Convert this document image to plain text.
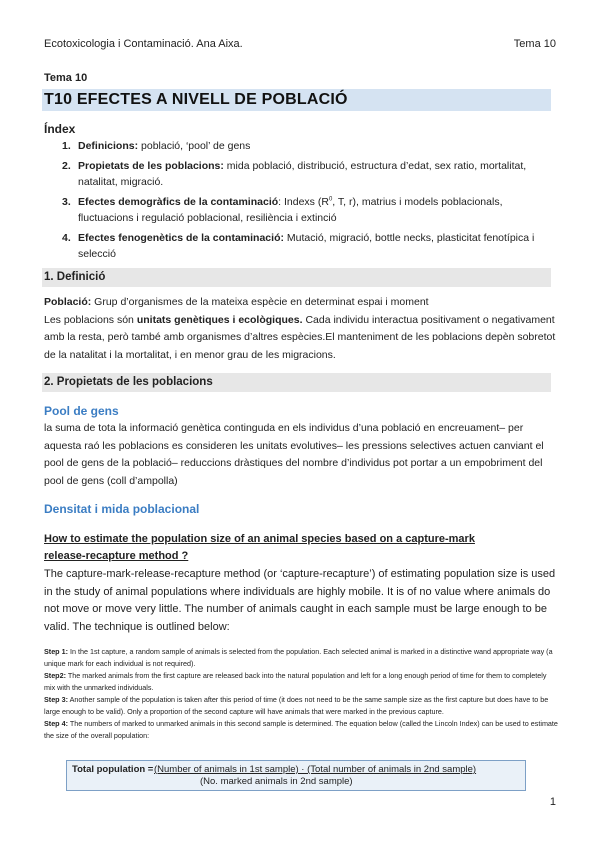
Ecotoxicologia i Contaminació. Ana Aixa.	Tema 10
Tema 10
T10 EFECTES A NIVELL DE POBLACIÓ
Índex
1. Definicions: població, ‘pool’ de gens
2. Propietats de les poblacions: mida població, distribució, estructura d’edat, sex ratio, mortalitat, natalitat, migració.
3. Efectes demogràfics de la contaminació: Indexs ($R^0$, T, r), matrius i models poblacionals, fluctuacions i regulació poblacional, resiliència i extinció
4. Efectes fenogenètics de la contaminació: Mutació, migració, bottle necks, plasticitat fenotípica i selecció
1. Definició

Població: Grup d’organismes de la mateixa espècie en determinat espai i moment
Les poblacions són unitats genètiques i ecològiques. Cada individu interactua positivament o negativament amb la resta, però també amb organismes d’altres espècies.El manteniment de les poblacions depèn sobretot de la natalitat i la mortalitat, i en menor grau de les migracions.

2. Propietats de les poblacions
Pool de gens

la suma de tota la informació genètica continguda en els individus d’una població en encreuament– per aquesta raó les poblacions es consideren les unitats evolutives– les pressions selectives actuen canviant el pool de gens de la població– reduccions dràstiques del nombre d’individus pot portar a un empobriment del pool de gens (coll d’ampolla)

Densitat i mida poblacional
How to estimate the population size of an animal species based on a capture-mark release-recapture method ?

The capture-mark-release-recapture method (or ‘capture-recapture’) of estimating population size is used in the study of animal populations where individuals are highly mobile. It is of no value where animals do not move or move very little. The number of animals caught in each sample must be large enough to be valid. The technique is outlined below:

Step 1: In the 1st capture, a random sample of animals is selected from the population. Each selected animal is marked in a distinctive wand appropriate way (a unique mark for each individual is not required).

Step2: The marked animals from the first capture are released back into the natural population and left for a long enough period of time for them to completely mix with the unmarked individuals.

Step 3: Another sample of the population is taken after this period of time (it does not need to be the same sample size as the first capture but does have to be large enough to be valid). Only a proportion of the second capture will have animals that were marked in the previous capture.

Step 4: The numbers of marked to unmarked animals in this second sample is determined. The equation below (called the Lincoln Index) can be used to estimate the size of the overall population:

Total population = (Number of animals in 1st sample) · (Total number of animals in 2nd sample)
(No. marked animals in 2nd sample)
1
